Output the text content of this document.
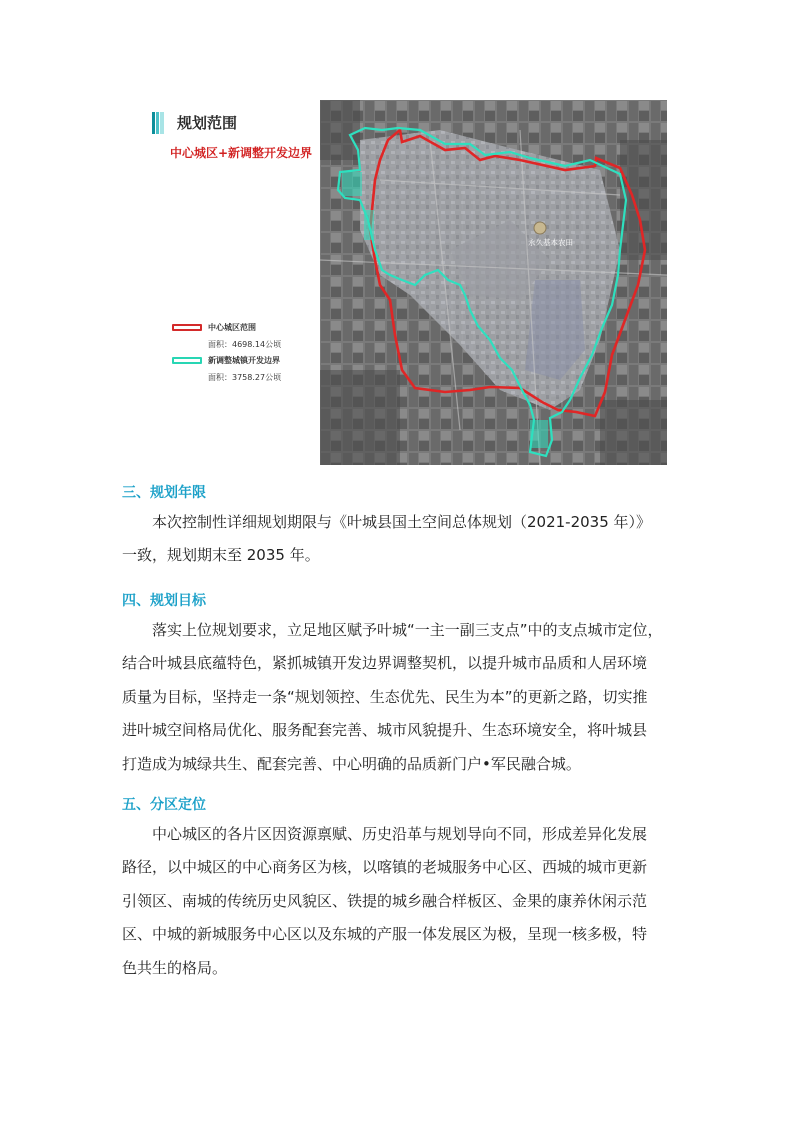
规划范围
中心城区+新调整开发边界
中心城区范围
面积：4698.14公顷
新调整城镇开发边界
面积：3758.27公顷
永久基本农田
三、规划年限
　　本次控制性详细规划期限与《叶城县国土空间总体规划（2021-2035 年）》
一致，规划期末至 2035 年。
四、规划目标
　　落实上位规划要求，立足地区赋予叶城“一主一副三支点”中的支点城市定位，
结合叶城县底蕴特色，紧抓城镇开发边界调整契机，以提升城市品质和人居环境
质量为目标，坚持走一条“规划领控、生态优先、民生为本”的更新之路，切实推
进叶城空间格局优化、服务配套完善、城市风貌提升、生态环境安全，将叶城县
打造成为城绿共生、配套完善、中心明确的品质新门户•军民融合城。
五、分区定位
　　中心城区的各片区因资源禀赋、历史沿革与规划导向不同，形成差异化发展
路径，以中城区的中心商务区为核，以喀镇的老城服务中心区、西城的城市更新
引领区、南城的传统历史风貌区、铁提的城乡融合样板区、金果的康养休闲示范
区、中城的新城服务中心区以及东城的产服一体发展区为极，呈现一核多极，特
色共生的格局。
